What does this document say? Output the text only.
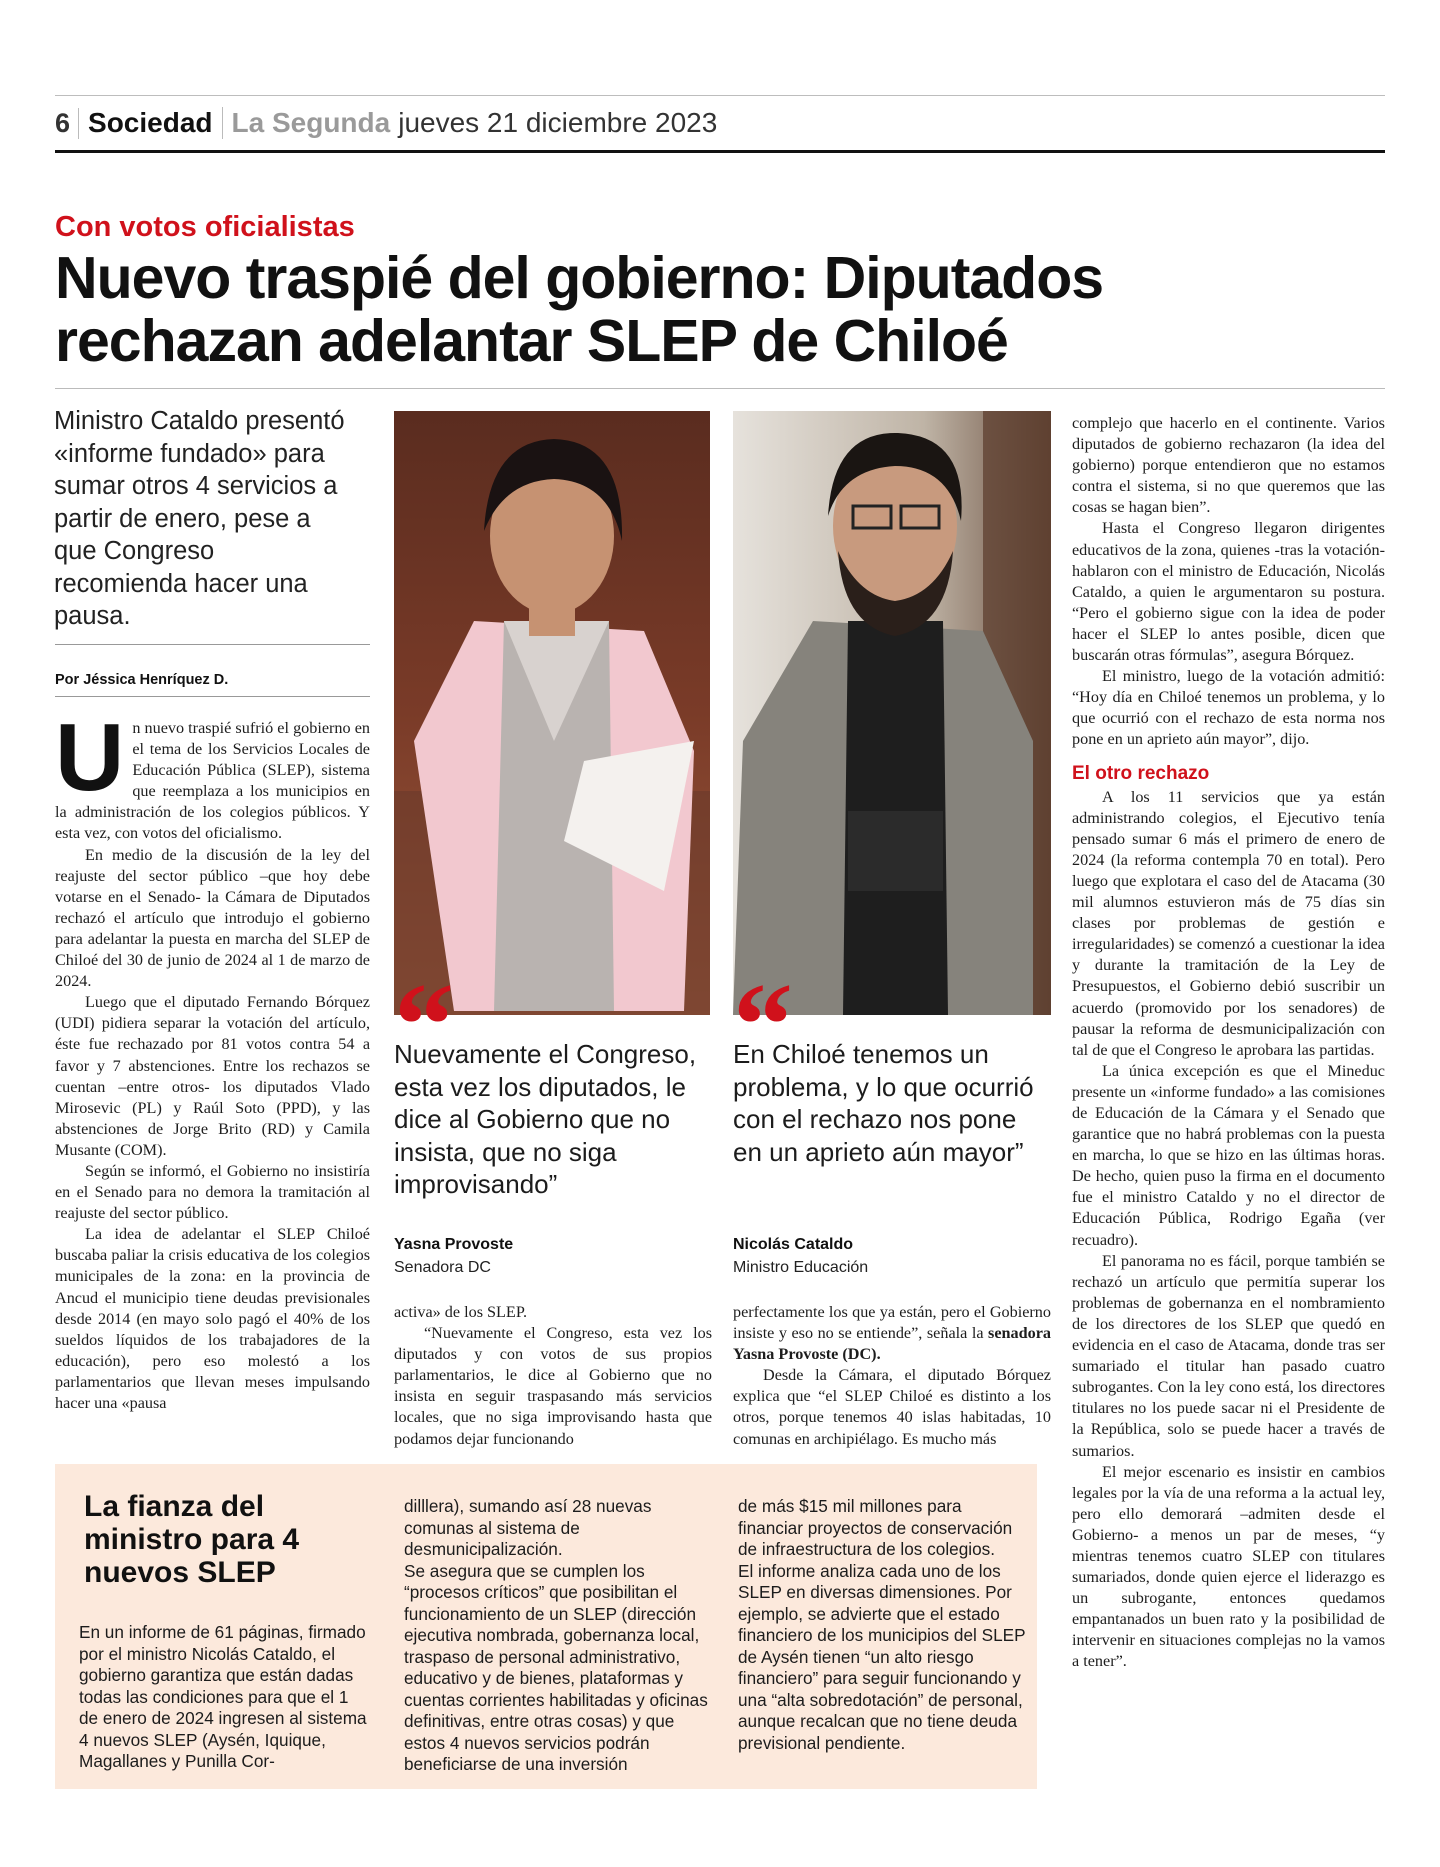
6 Sociedad La Segunda jueves 21 diciembre 2023
Con votos oficialistas
Nuevo traspié del gobierno: Diputados rechazan adelantar SLEP de Chiloé

Ministro Cataldo presentó «informe fundado» para sumar otros 4 servicios a partir de enero, pese a que Congreso recomienda hacer una pausa.

Por Jéssica Henríquez D.

Un nuevo traspié sufrió el gobierno en el tema de los Servicios Locales de Educación Pública (SLEP), sistema que reemplaza a los municipios en la administración de los colegios públicos. Y esta vez, con votos del oficialismo.

En medio de la discusión de la ley del reajuste del sector público –que hoy debe votarse en el Senado- la Cámara de Diputados rechazó el artículo que introdujo el gobierno para adelantar la puesta en marcha del SLEP de Chiloé del 30 de junio de 2024 al 1 de marzo de 2024.

Luego que el diputado Fernando Bórquez (UDI) pidiera separar la votación del artículo, éste fue rechazado por 81 votos contra 54 a favor y 7 abstenciones. Entre los rechazos se cuentan –entre otros- los diputados Vlado Mirosevic (PL) y Raúl Soto (PPD), y las abstenciones de Jorge Brito (RD) y Camila Musante (COM).

Según se informó, el Gobierno no insistiría en el Senado para no demora la tramitación al reajuste del sector público.

La idea de adelantar el SLEP Chiloé buscaba paliar la crisis educativa de los colegios municipales de la zona: en la provincia de Ancud el municipio tiene deudas previsionales desde 2014 (en mayo solo pagó el 40% de los sueldos líquidos de los trabajadores de la educación), pero eso molestó a los parlamentarios que llevan meses impulsando hacer una «pausa

“

Nuevamente el Congreso, esta vez los diputados, le dice al Gobierno que no insista, que no siga improvisando”

Yasna Provoste
Senadora DC
“

En Chiloé tenemos un problema, y lo que ocurrió con el rechazo nos pone en un aprieto aún mayor”

Nicolás Cataldo
Ministro Educación

activa» de los SLEP.

“Nuevamente el Congreso, esta vez los diputados y con votos de sus propios parlamentarios, le dice al Gobierno que no insista en seguir traspasando más servicios locales, que no siga improvisando hasta que podamos dejar funcionando

perfectamente los que ya están, pero el Gobierno insiste y eso no se entiende”, señala la senadora Yasna Provoste (DC).

Desde la Cámara, el diputado Bórquez explica que “el SLEP Chiloé es distinto a los otros, porque tenemos 40 islas habitadas, 10 comunas en archipiélago. Es mucho más

complejo que hacerlo en el continente. Varios diputados de gobierno rechazaron (la idea del gobierno) porque entendieron que no estamos contra el sistema, si no que queremos que las cosas se hagan bien”.

Hasta el Congreso llegaron dirigentes educativos de la zona, quienes -tras la votación- hablaron con el ministro de Educación, Nicolás Cataldo, a quien le argumentaron su postura. “Pero el gobierno sigue con la idea de poder hacer el SLEP lo antes posible, dicen que buscarán otras fórmulas”, asegura Bórquez.

El ministro, luego de la votación admitió: “Hoy día en Chiloé tenemos un problema, y lo que ocurrió con el rechazo de esta norma nos pone en un aprieto aún mayor”, dijo.

El otro rechazo

A los 11 servicios que ya están administrando colegios, el Ejecutivo tenía pensado sumar 6 más el primero de enero de 2024 (la reforma contempla 70 en total). Pero luego que explotara el caso del de Atacama (30 mil alumnos estuvieron más de 75 días sin clases por problemas de gestión e irregularidades) se comenzó a cuestionar la idea y durante la tramitación de la Ley de Presupuestos, el Gobierno debió suscribir un acuerdo (promovido por los senadores) de pausar la reforma de desmunicipalización con tal de que el Congreso le aprobara las partidas.

La única excepción es que el Mineduc presente un «informe fundado» a las comisiones de Educación de la Cámara y el Senado que garantice que no habrá problemas con la puesta en marcha, lo que se hizo en las últimas horas. De hecho, quien puso la firma en el documento fue el ministro Cataldo y no el director de Educación Pública, Rodrigo Egaña (ver recuadro).

El panorama no es fácil, porque también se rechazó un artículo que permitía superar los problemas de gobernanza en el nombramiento de los directores de los SLEP que quedó en evidencia en el caso de Atacama, donde tras ser sumariado el titular han pasado cuatro subrogantes. Con la ley cono está, los directores titulares no los puede sacar ni el Presidente de la República, solo se puede hacer a través de sumarios.

El mejor escenario es insistir en cambios legales por la vía de una reforma a la actual ley, pero ello demorará –admiten desde el Gobierno- a menos un par de meses, “y mientras tenemos cuatro SLEP con titulares sumariados, donde quien ejerce el liderazgo es un subrogante, entonces quedamos empantanados un buen rato y la posibilidad de intervenir en situaciones complejas no la vamos a tener”.

La fianza del ministro para 4 nuevos SLEP

En un informe de 61 páginas, firmado por el ministro Nicolás Cataldo, el gobierno garantiza que están dadas todas las condiciones para que el 1 de enero de 2024 ingresen al sistema 4 nuevos SLEP (Aysén, Iquique, Magallanes y Punilla Cor-

dilllera), sumando así 28 nuevas comunas al sistema de desmunicipalización.

Se asegura que se cumplen los “procesos críticos” que posibilitan el funcionamiento de un SLEP (dirección ejecutiva nombrada, gobernanza local, traspaso de personal administrativo, educativo y de bienes, plataformas y cuentas corrientes habilitadas y oficinas definitivas, entre otras cosas) y que estos 4 nuevos servicios podrán beneficiarse de una inversión

de más $15 mil millones para financiar proyectos de conservación de infraestructura de los colegios.

El informe analiza cada uno de los SLEP en diversas dimensiones. Por ejemplo, se advierte que el estado financiero de los municipios del SLEP de Aysén tienen “un alto riesgo financiero” para seguir funcionando y una “alta sobredotación” de personal, aunque recalcan que no tiene deuda previsional pendiente.
